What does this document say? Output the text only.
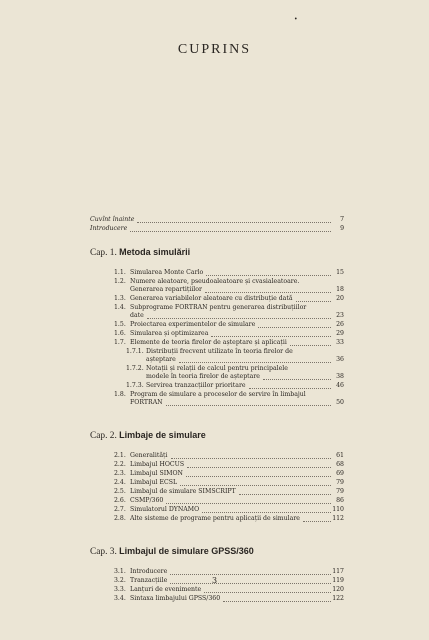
•
CUPRINS
Cuvînt înainte	7
Introducere	9
Cap. 1. Metoda simulării
1.1. Simularea Monte Carlo	15
1.2. Numere aleatoare, pseudoaleatoare și cvasialeatoare.
Generarea repartițiilor	18
1.3. Generarea variabilelor aleatoare cu distribuție dată	20
1.4. Subprograme FORTRAN pentru generarea distribuțiilor
date	23
1.5. Proiectarea experimentelor de simulare	26
1.6. Simularea și optimizarea	29
1.7. Elemente de teoria firelor de așteptare și aplicații	33
1.7.1. Distribuții frecvent utilizate în teoria firelor de
așteptare	36
1.7.2. Notații și relații de calcul pentru principalele
modele în teoria firelor de așteptare	38
1.7.3. Servirea tranzacțiilor prioritare	46
1.8. Program de simulare a proceselor de servire în limbajul
FORTRAN	50
Cap. 2. Limbaje de simulare
2.1. Generalități	61
2.2. Limbajul HOCUS	68
2.3. Limbajul SIMON	69
2.4. Limbajul ECSL	79
2.5. Limbajul de simulare SIMSCRIPT	79
2.6. CSMP/360	86
2.7. Simulatorul DYNAMO	110
2.8. Alte sisteme de programe pentru aplicații de simulare	112
Cap. 3. Limbajul de simulare GPSS/360
3.1. Introducere	117
3.2. Tranzacțiile	119
3.3. Lanțuri de evenimente	120
3.4. Sintaxa limbajului GPSS/360	122
3
